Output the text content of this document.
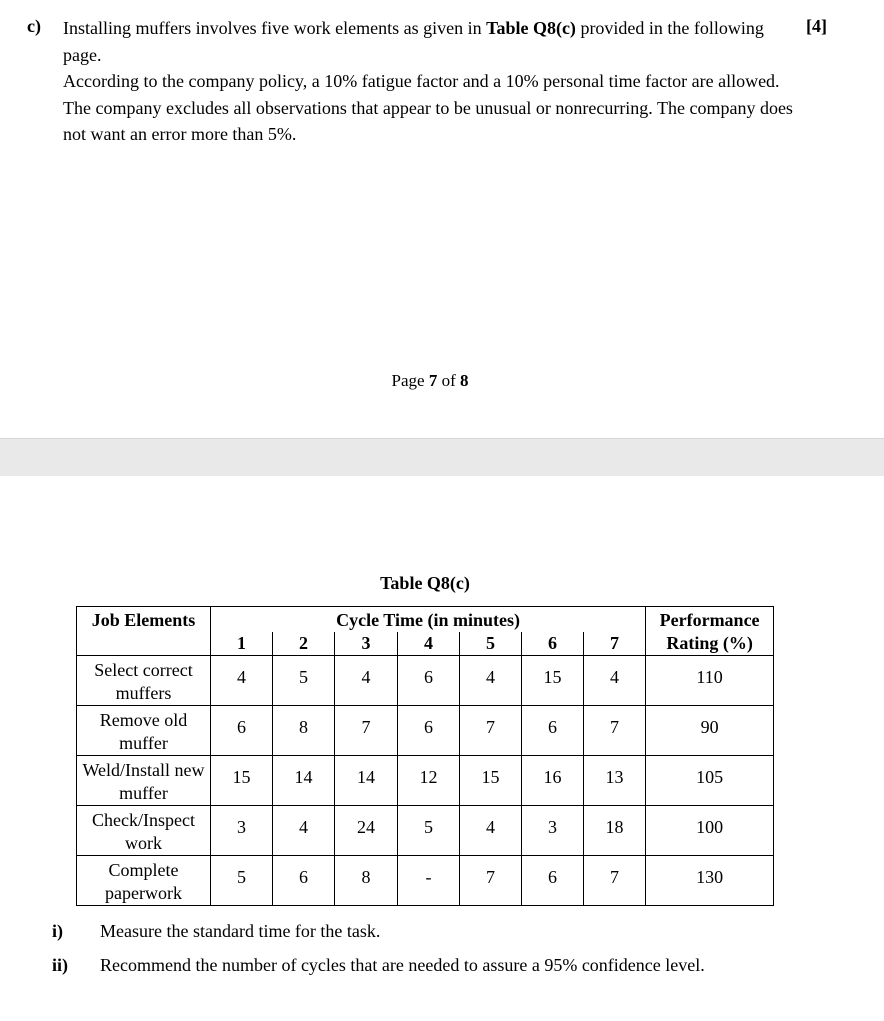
c)	[4]

Installing muffers involves five work elements as given in Table Q8(c) provided in the following page.

According to the company policy, a 10% fatigue factor and a 10% personal time factor are allowed. The company excludes all observations that appear to be unusual or nonrecurring. The company does not want an error more than 5%.

Page 7 of 8
Table Q8(c)
Job Elements	Cycle Time (in minutes)							Performance Rating (%)
	1	2	3	4	5	6	7	
Select correct muffers	4	5	4	6	4	15	4	110
Remove old muffer	6	8	7	6	7	6	7	90
Weld/Install new muffer	15	14	14	12	15	16	13	105
Check/Inspect work	3	4	24	5	4	3	18	100
Complete paperwork	5	6	8	-	7	6	7	130
i) Measure the standard time for the task.
ii) Recommend the number of cycles that are needed to assure a 95% confidence level.
